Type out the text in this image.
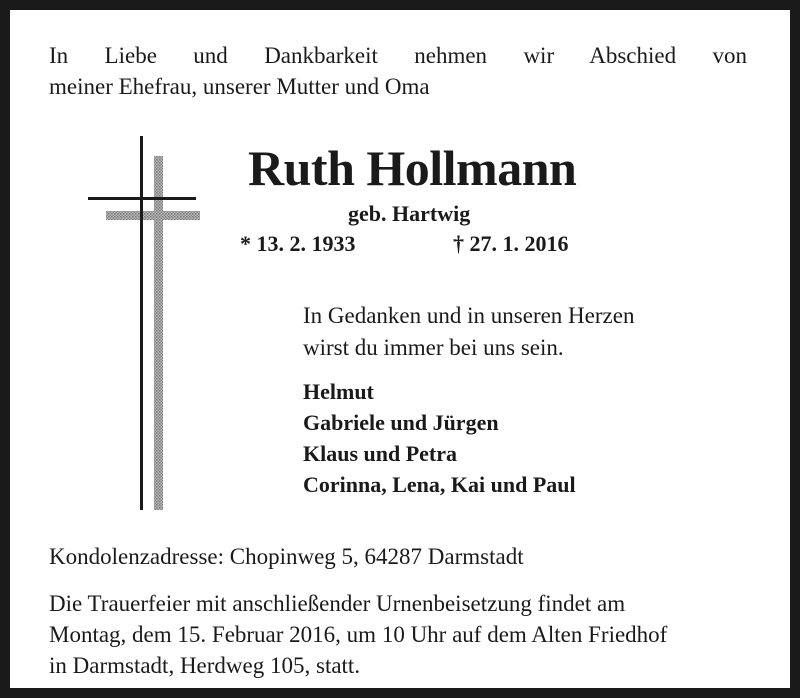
In Liebe und Dankbarkeit nehmen wir Abschied von
meiner Ehefrau, unserer Mutter und Oma
Ruth Hollmann
geb. Hartwig
* 13. 2. 1933	† 27. 1. 2016
In Gedanken und in unseren Herzen
wirst du immer bei uns sein.
Helmut
Gabriele und Jürgen
Klaus und Petra
Corinna, Lena, Kai und Paul
Kondolenzadresse: Chopinweg 5, 64287 Darmstadt
Die Trauerfeier mit anschließender Urnenbeisetzung findet am
Montag, dem 15. Februar 2016, um 10 Uhr auf dem Alten Friedhof
in Darmstadt, Herdweg 105, statt.
